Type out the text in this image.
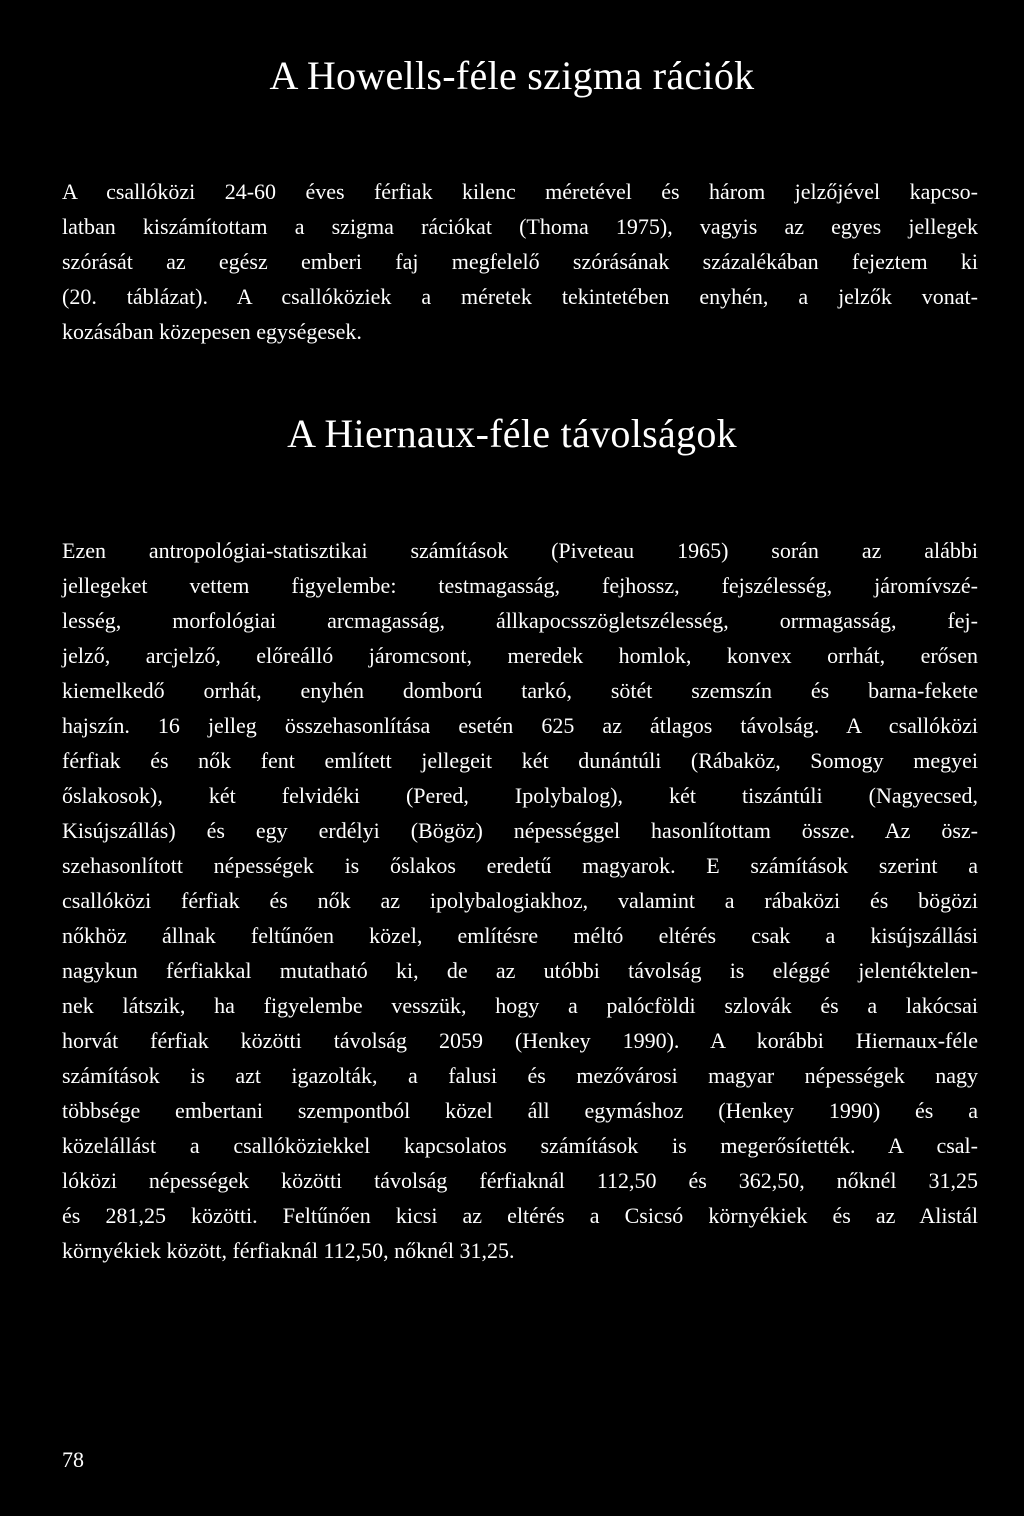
A Howells-féle szigma rációk
A csallóközi 24-60 éves férfiak kilenc méretével és három jelzőjével kapcso-
latban kiszámítottam a szigma rációkat (Thoma 1975), vagyis az egyes jellegek
szórását az egész emberi faj megfelelő szórásának százalékában fejeztem ki
(20. táblázat). A csallóköziek a méretek tekintetében enyhén, a jelzők vonat-
kozásában közepesen egységesek.
A Hiernaux-féle távolságok
Ezen antropológiai-statisztikai számítások (Piveteau 1965) során az alábbi
jellegeket vettem figyelembe: testmagasság, fejhossz, fejszélesség, járomívszé-
lesség, morfológiai arcmagasság, állkapocsszögletszélesség, orrmagasság, fej-
jelző, arcjelző, előreálló járomcsont, meredek homlok, konvex orrhát, erősen
kiemelkedő orrhát, enyhén domború tarkó, sötét szemszín és barna-fekete
hajszín. 16 jelleg összehasonlítása esetén 625 az átlagos távolság. A csallóközi
férfiak és nők fent említett jellegeit két dunántúli (Rábaköz, Somogy megyei
őslakosok), két felvidéki (Pered, Ipolybalog), két tiszántúli (Nagyecsed,
Kisújszállás) és egy erdélyi (Bögöz) népességgel hasonlítottam össze. Az ösz-
szehasonlított népességek is őslakos eredetű magyarok. E számítások szerint a
csallóközi férfiak és nők az ipolybalogiakhoz, valamint a rábaközi és bögözi
nőkhöz állnak feltűnően közel, említésre méltó eltérés csak a kisújszállási
nagykun férfiakkal mutatható ki, de az utóbbi távolság is eléggé jelentéktelen-
nek látszik, ha figyelembe vesszük, hogy a palócföldi szlovák és a lakócsai
horvát férfiak közötti távolság 2059 (Henkey 1990). A korábbi Hiernaux-féle
számítások is azt igazolták, a falusi és mezővárosi magyar népességek nagy
többsége embertani szempontból közel áll egymáshoz (Henkey 1990) és a
közelállást a csallóköziekkel kapcsolatos számítások is megerősítették. A csal-
lóközi népességek közötti távolság férfiaknál 112,50 és 362,50, nőknél 31,25
és 281,25 közötti. Feltűnően kicsi az eltérés a Csicsó környékiek és az Alistál
környékiek között, férfiaknál 112,50, nőknél 31,25.
78
